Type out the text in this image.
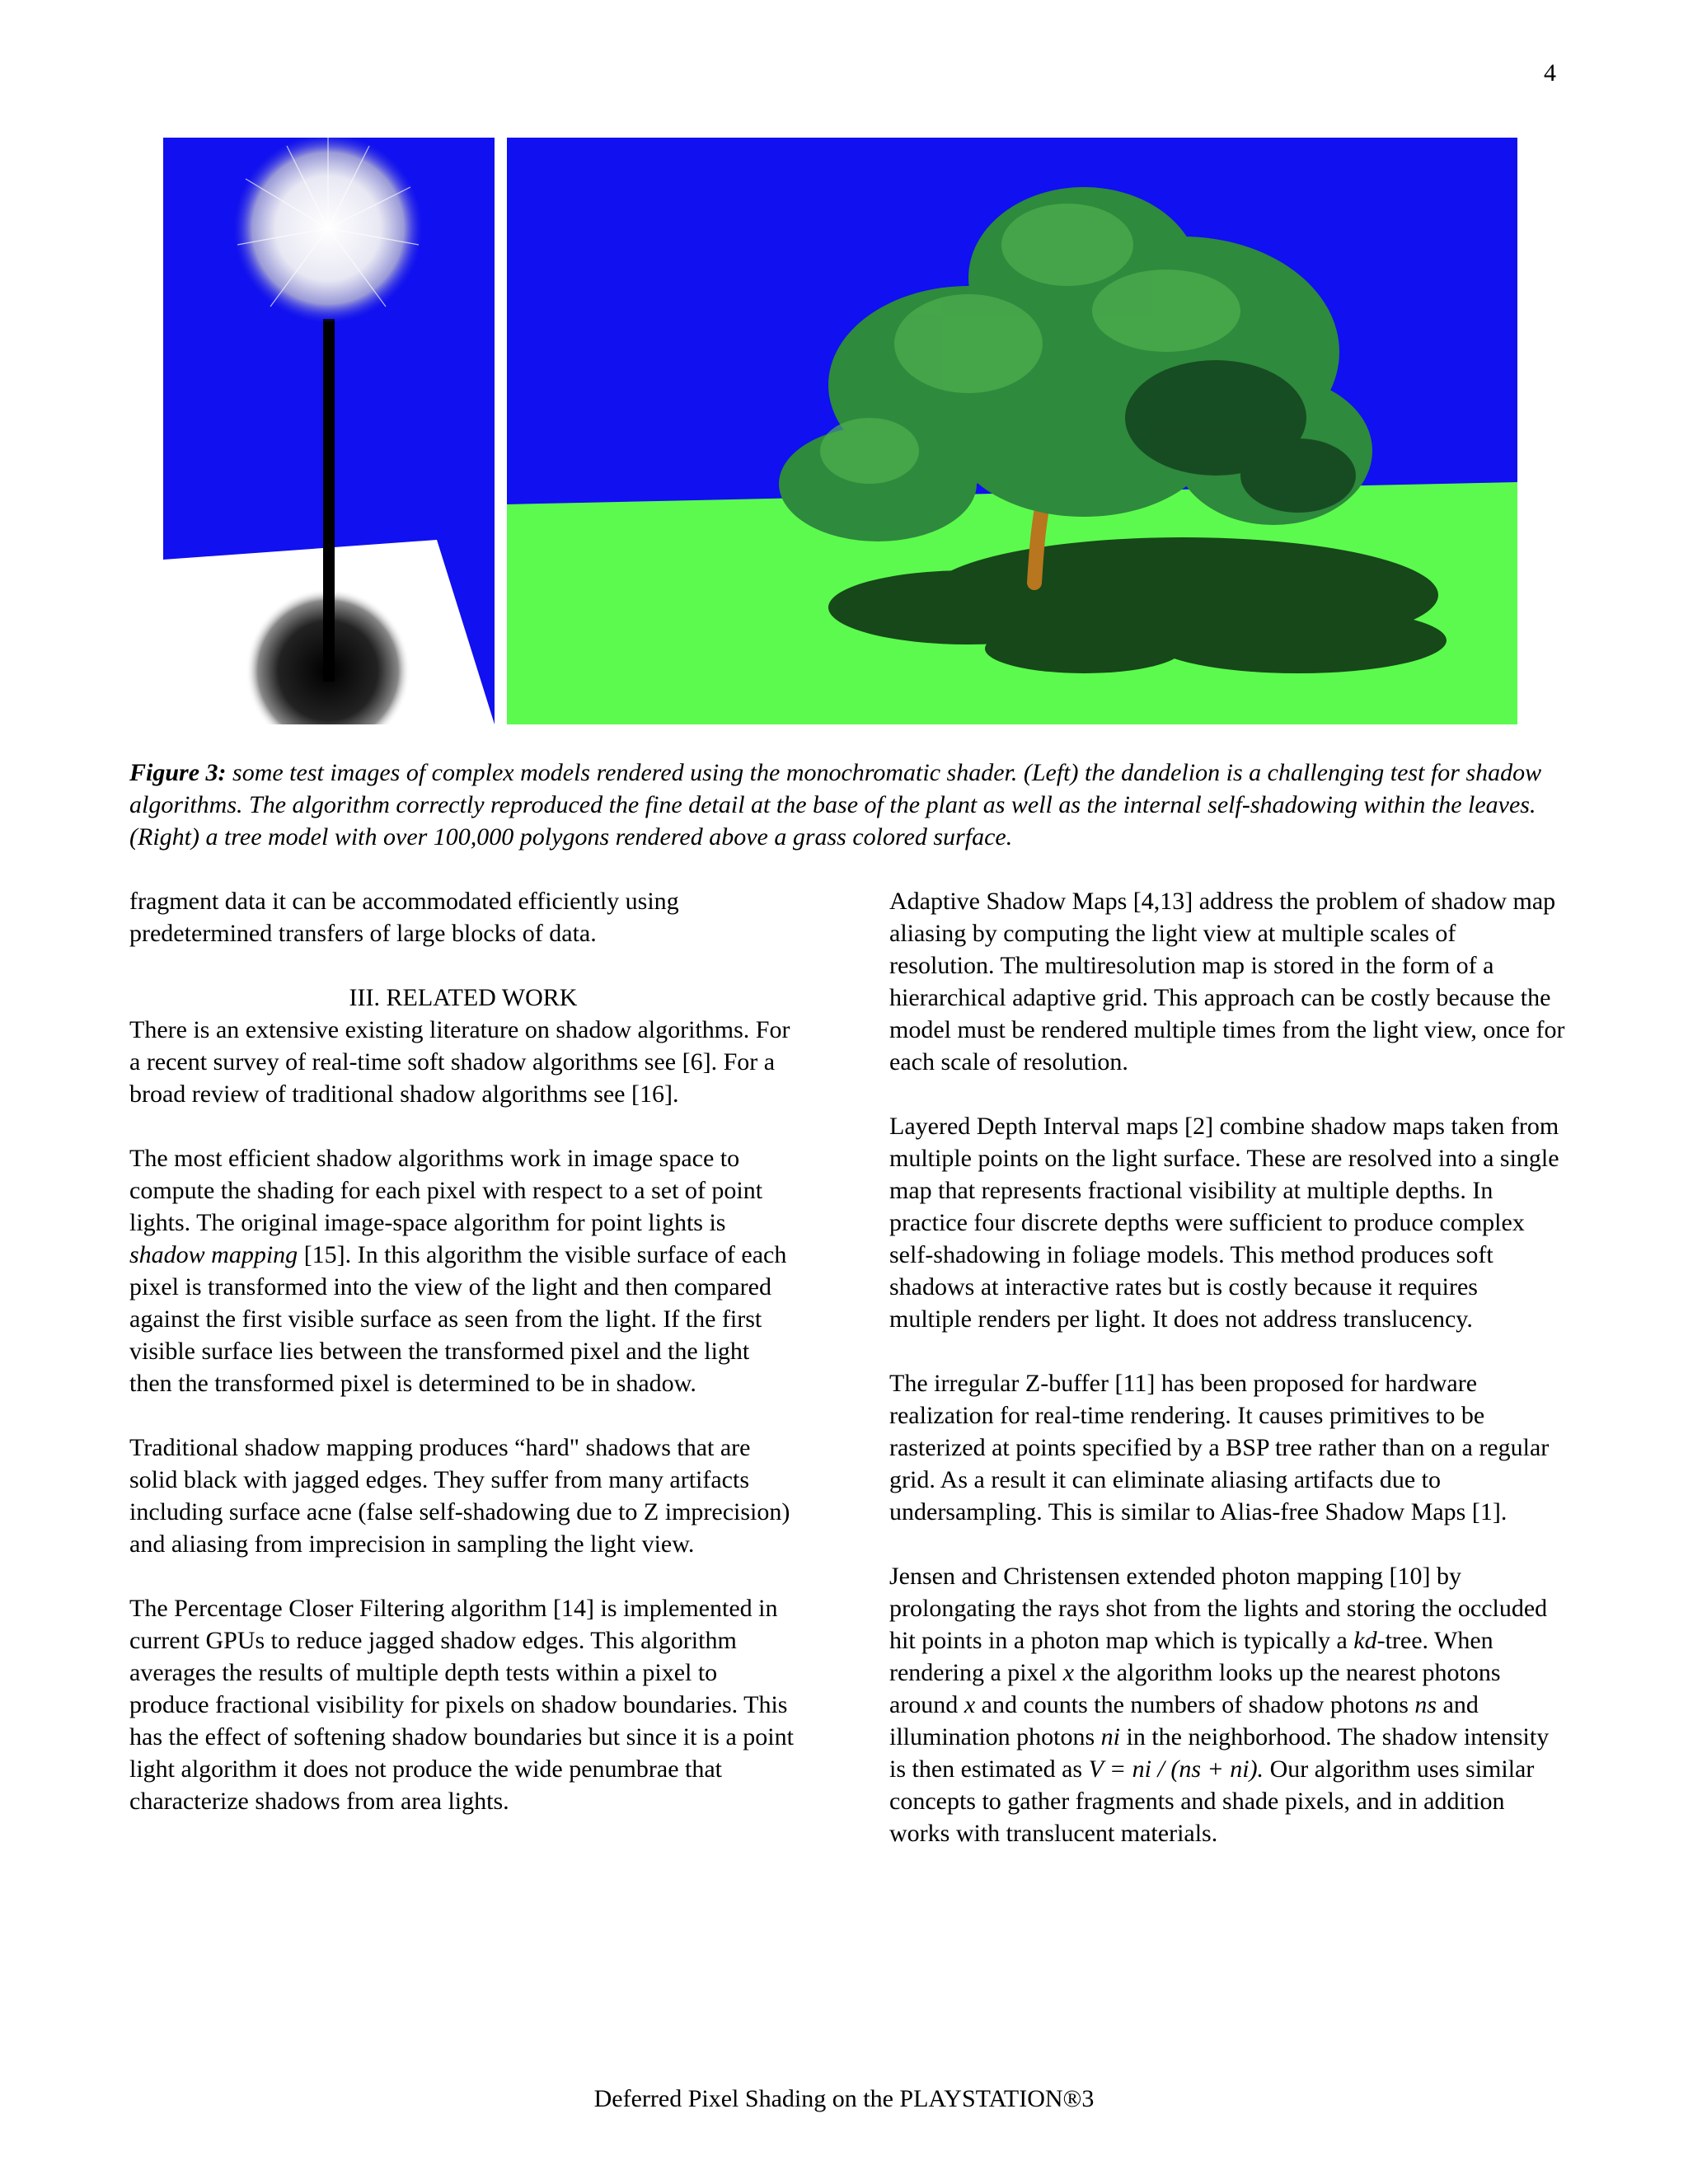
4
Figure 3: some test images of complex models rendered using the monochromatic shader. (Left) the dandelion is a challenging test for shadow algorithms. The algorithm correctly reproduced the fine detail at the base of the plant as well as the internal self-shadowing within the leaves. (Right) a tree model with over 100,000 polygons rendered above a grass colored surface.

fragment data it can be accommodated efficiently using predetermined transfers of large blocks of data.

III. RELATED WORK

There is an extensive existing literature on shadow algorithms. For a recent survey of real-time soft shadow algorithms see [6]. For a broad review of traditional shadow algorithms see [16].

The most efficient shadow algorithms work in image space to compute the shading for each pixel with respect to a set of point lights. The original image-space algorithm for point lights is shadow mapping [15]. In this algorithm the visible surface of each pixel is transformed into the view of the light and then compared against the first visible surface as seen from the light. If the first visible surface lies between the transformed pixel and the light then the transformed pixel is determined to be in shadow.

Traditional shadow mapping produces “hard" shadows that are solid black with jagged edges. They suffer from many artifacts including surface acne (false self-shadowing due to Z imprecision) and aliasing from imprecision in sampling the light view.

The Percentage Closer Filtering algorithm [14] is implemented in current GPUs to reduce jagged shadow edges. This algorithm averages the results of multiple depth tests within a pixel to produce fractional visibility for pixels on shadow boundaries. This has the effect of softening shadow boundaries but since it is a point light algorithm it does not produce the wide penumbrae that characterize shadows from area lights.

Adaptive Shadow Maps [4,13] address the problem of shadow map aliasing by computing the light view at multiple scales of resolution. The multiresolution map is stored in the form of a hierarchical adaptive grid. This approach can be costly because the model must be rendered multiple times from the light view, once for each scale of resolution.

Layered Depth Interval maps [2] combine shadow maps taken from multiple points on the light surface. These are resolved into a single map that represents fractional visibility at multiple depths. In practice four discrete depths were sufficient to produce complex self-shadowing in foliage models. This method produces soft shadows at interactive rates but is costly because it requires multiple renders per light. It does not address translucency.

The irregular Z-buffer [11] has been proposed for hardware realization for real-time rendering. It causes primitives to be rasterized at points specified by a BSP tree rather than on a regular grid. As a result it can eliminate aliasing artifacts due to undersampling. This is similar to Alias-free Shadow Maps [1].

Jensen and Christensen extended photon mapping [10] by prolongating the rays shot from the lights and storing the occluded hit points in a photon map which is typically a kd-tree. When rendering a pixel x the algorithm looks up the nearest photons around x and counts the numbers of shadow photons ns and illumination photons ni in the neighborhood. The shadow intensity is then estimated as V = ni / (ns + ni). Our algorithm uses similar concepts to gather fragments and shade pixels, and in addition works with translucent materials.

Deferred Pixel Shading on the PLAYSTATION®3
